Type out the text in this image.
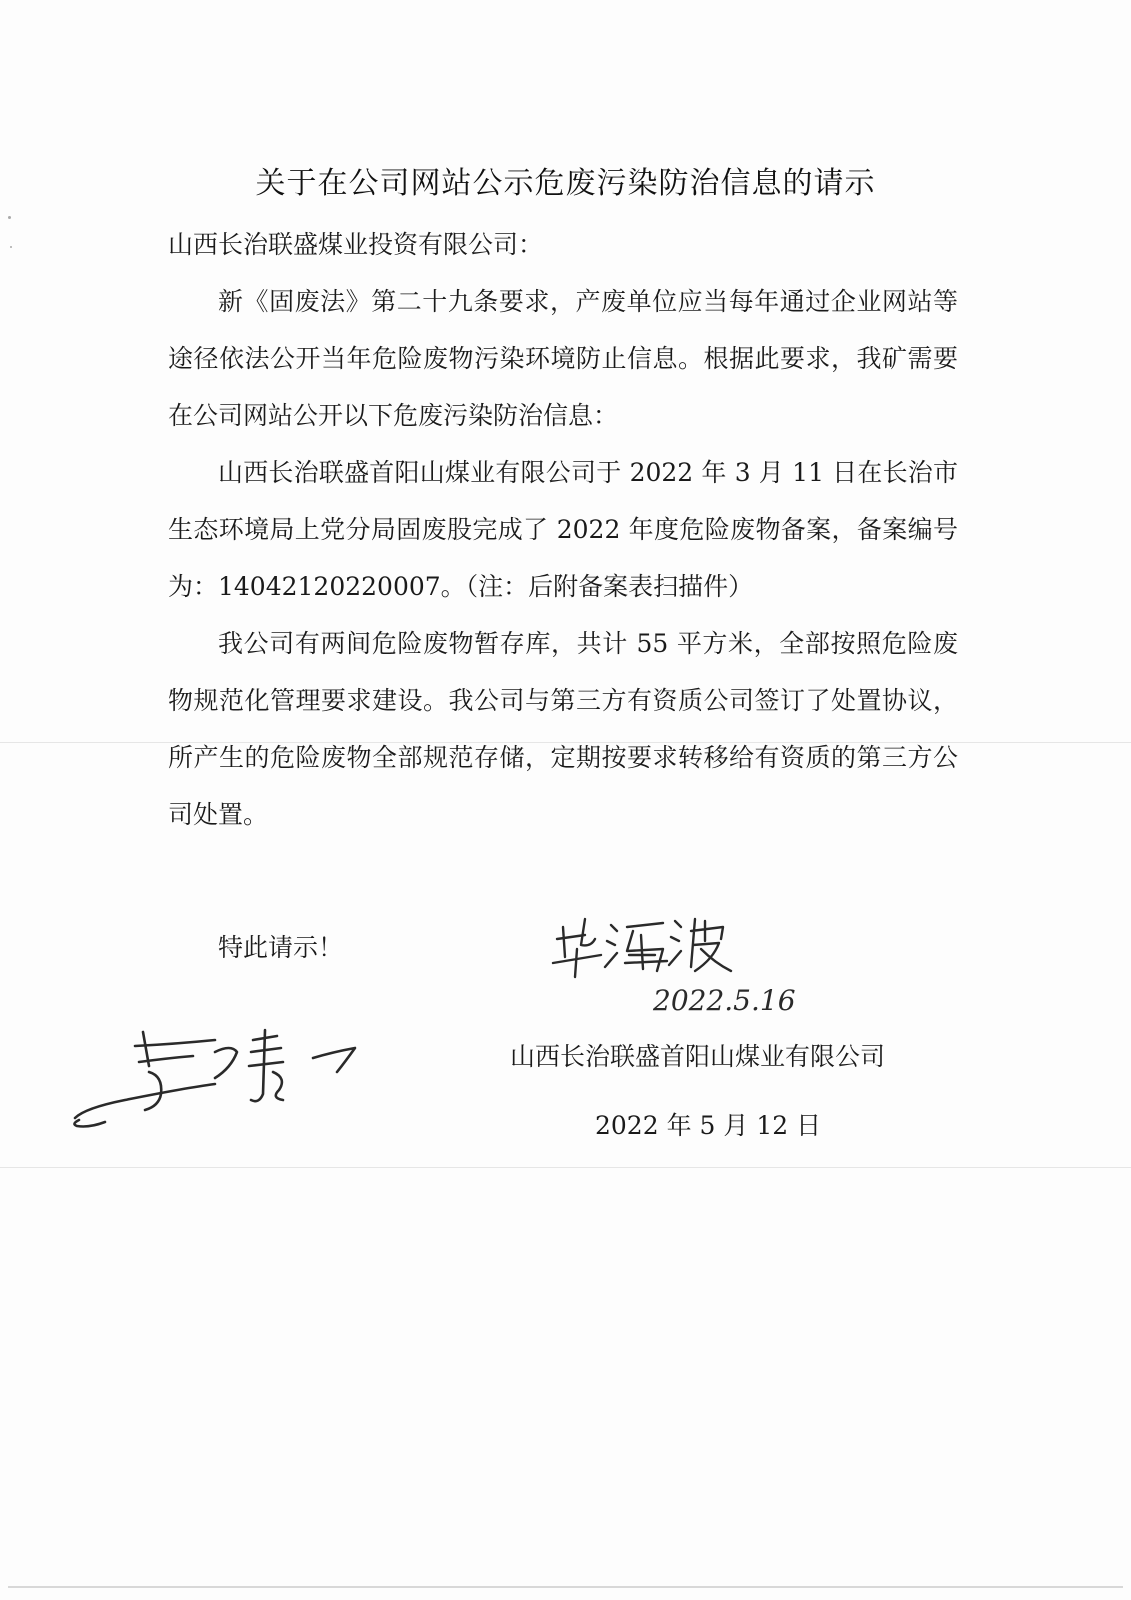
关于在公司网站公示危废污染防治信息的请示

山西长治联盛煤业投资有限公司：

新《固废法》第二十九条要求，产废单位应当每年通过企业网站等途径依法公开当年危险废物污染环境防止信息。根据此要求，我矿需要在公司网站公开以下危废污染防治信息：

山西长治联盛首阳山煤业有限公司于 2022 年 3 月 11 日在长治市生态环境局上党分局固废股完成了 2022 年度危险废物备案，备案编号为：14042120220007。（注：后附备案表扫描件）

我公司有两间危险废物暂存库，共计 55 平方米，全部按照危险废物规范化管理要求建设。我公司与第三方有资质公司签订了处置协议，所产生的危险废物全部规范存储，定期按要求转移给有资质的第三方公司处置。

特此请示！
2022.5.16
山西长治联盛首阳山煤业有限公司
2022 年 5 月 12 日
